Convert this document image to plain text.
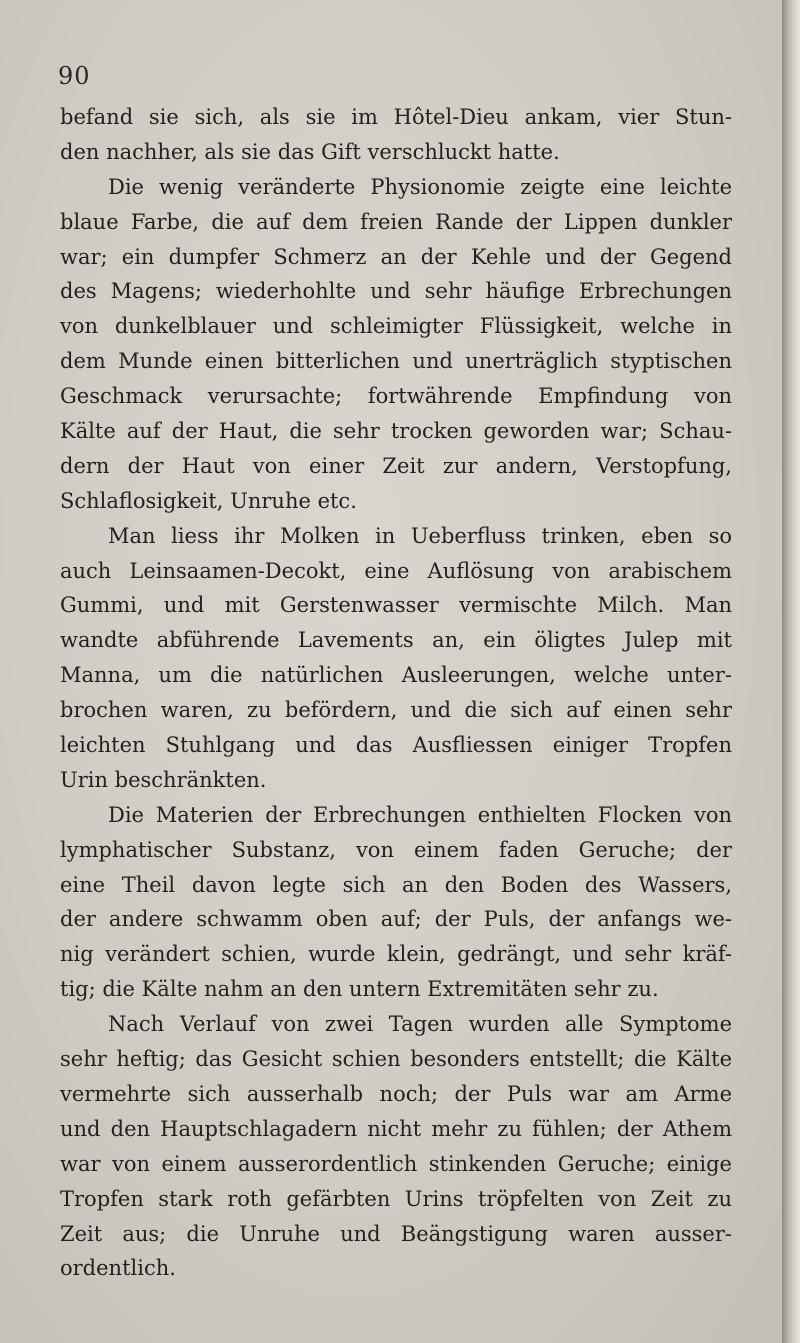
90
befand sie sich, als sie im Hôtel-Dieu ankam, vier Stun-
den nachher, als sie das Gift verschluckt hatte.
Die wenig veränderte Physionomie zeigte eine leichte
blaue Farbe, die auf dem freien Rande der Lippen dunkler
war; ein dumpfer Schmerz an der Kehle und der Gegend
des Magens; wiederhohlte und sehr häufige Erbrechungen
von dunkelblauer und schleimigter Flüssigkeit, welche in
dem Munde einen bitterlichen und unerträglich styptischen
Geschmack verursachte; fortwährende Empfindung von
Kälte auf der Haut, die sehr trocken geworden war; Schau-
dern der Haut von einer Zeit zur andern, Verstopfung,
Schlaflosigkeit, Unruhe etc.
Man liess ihr Molken in Ueberfluss trinken, eben so
auch Leinsaamen-Decokt, eine Auflösung von arabischem
Gummi, und mit Gerstenwasser vermischte Milch. Man
wandte abführende Lavements an, ein öligtes Julep mit
Manna, um die natürlichen Ausleerungen, welche unter-
brochen waren, zu befördern, und die sich auf einen sehr
leichten Stuhlgang und das Ausfliessen einiger Tropfen
Urin beschränkten.
Die Materien der Erbrechungen enthielten Flocken von
lymphatischer Substanz, von einem faden Geruche; der
eine Theil davon legte sich an den Boden des Wassers,
der andere schwamm oben auf; der Puls, der anfangs we-
nig verändert schien, wurde klein, gedrängt, und sehr kräf-
tig; die Kälte nahm an den untern Extremitäten sehr zu.
Nach Verlauf von zwei Tagen wurden alle Symptome
sehr heftig; das Gesicht schien besonders entstellt; die Kälte
vermehrte sich ausserhalb noch; der Puls war am Arme
und den Hauptschlagadern nicht mehr zu fühlen; der Athem
war von einem ausserordentlich stinkenden Geruche; einige
Tropfen stark roth gefärbten Urins tröpfelten von Zeit zu
Zeit aus; die Unruhe und Beängstigung waren ausser-
ordentlich.
